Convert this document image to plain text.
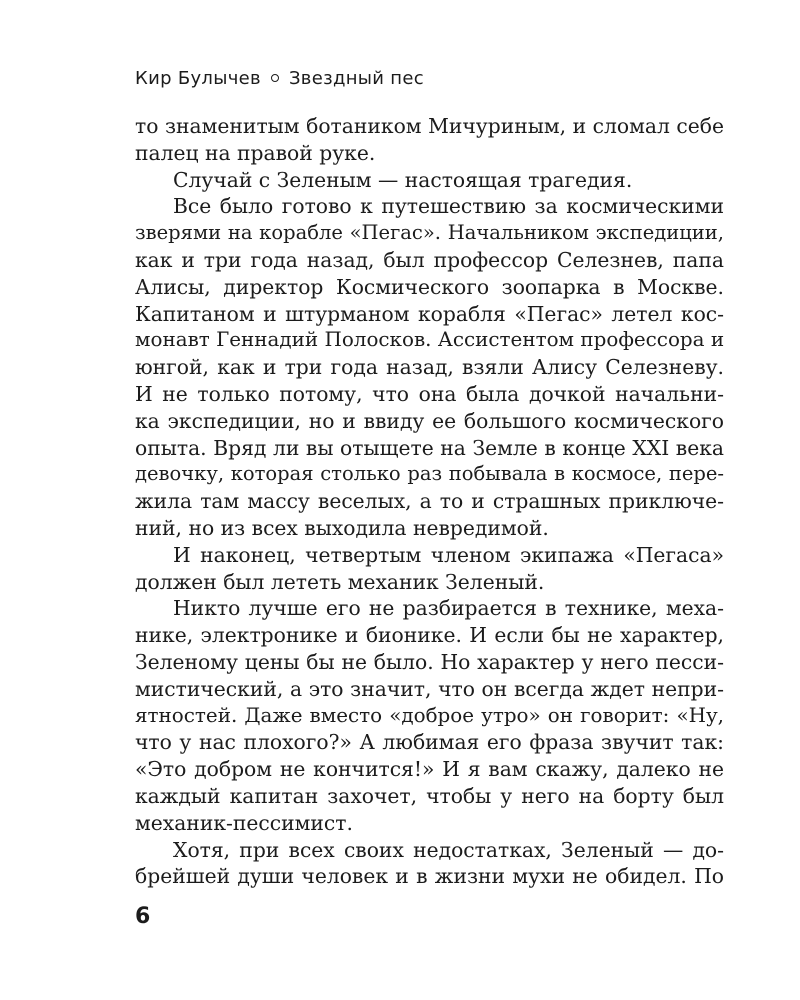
Кир Булычев Звездный пес
то знаменитым ботаником Мичуриным, и сломал себе
палец на правой руке.
Случай с Зеленым — настоящая трагедия.
Все было готово к путешествию за космическими
зверями на корабле «Пегас». Начальником экспедиции,
как и три года назад, был профессор Селезнев, папа
Алисы, директор Космического зоопарка в Москве.
Капитаном и штурманом корабля «Пегас» летел кос-
монавт Геннадий Полосков. Ассистентом профессора и
юнгой, как и три года назад, взяли Алису Селезневу.
И не только потому, что она была дочкой начальни-
ка экспедиции, но и ввиду ее большого космического
опыта. Вряд ли вы отыщете на Земле в конце XXI века
девочку, которая столько раз побывала в космосе, пере-
жила там массу веселых, а то и страшных приключе-
ний, но из всех выходила невредимой.
И наконец, четвертым членом экипажа «Пегаса»
должен был лететь механик Зеленый.
Никто лучше его не разбирается в технике, меха-
нике, электронике и бионике. И если бы не характер,
Зеленому цены бы не было. Но характер у него песси-
мистический, а это значит, что он всегда ждет непри-
ятностей. Даже вместо «доброе утро» он говорит: «Ну,
что у нас плохого?» А любимая его фраза звучит так:
«Это добром не кончится!» И я вам скажу, далеко не
каждый капитан захочет, чтобы у него на борту был
механик-пессимист.
Хотя, при всех своих недостатках, Зеленый — до-
брейшей души человек и в жизни мухи не обидел. По
6
